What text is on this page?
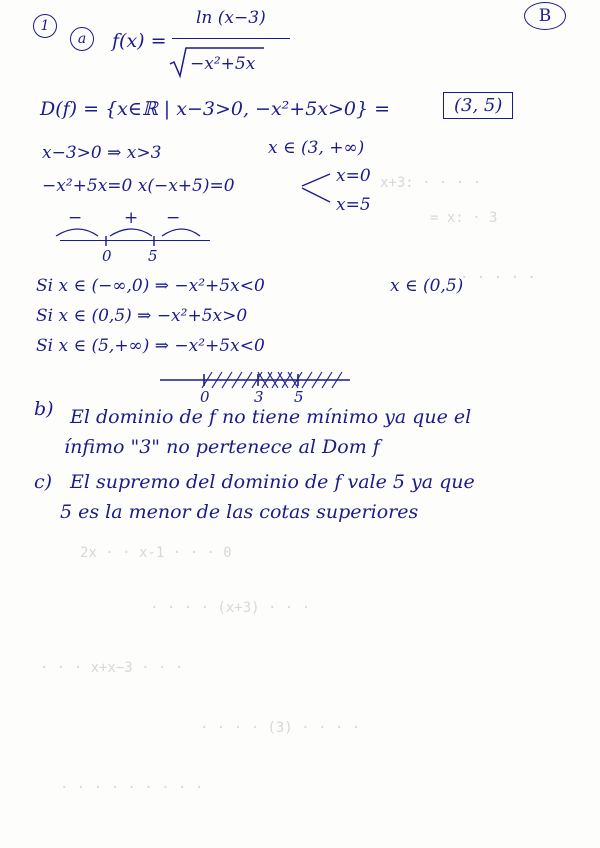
x+3: · · · ·
= x: · 3
· · · · ·
2x · · x-1 · · · 0
· · · · (x+3) · · ·
· · · x+x−3 · · ·
· · · · (3) · · · ·
· · · · · · · · ·
1
a
B
f(x) =
ln (x−3)
−x²+5x
D(f) = {x∈ℝ | x−3>0, −x²+5x>0} =	(3, 5)
x−3>0 ⇒ x>3	x ∈ (3, +∞)
−x²+5x=0 x(−x+5)=0	x=0
x=5
− + −
0 5
Si x ∈ (−∞,0) ⇒ −x²+5x<0
Si x ∈ (0,5) ⇒ −x²+5x>0
Si x ∈ (5,+∞) ⇒ −x²+5x<0
x ∈ (0,5)
0	3 5
b) El dominio de f no tiene mínimo ya que el
ínfimo "3" no pertenece al Dom f
c) El supremo del dominio de f vale 5 ya que
5 es la menor de las cotas superiores
